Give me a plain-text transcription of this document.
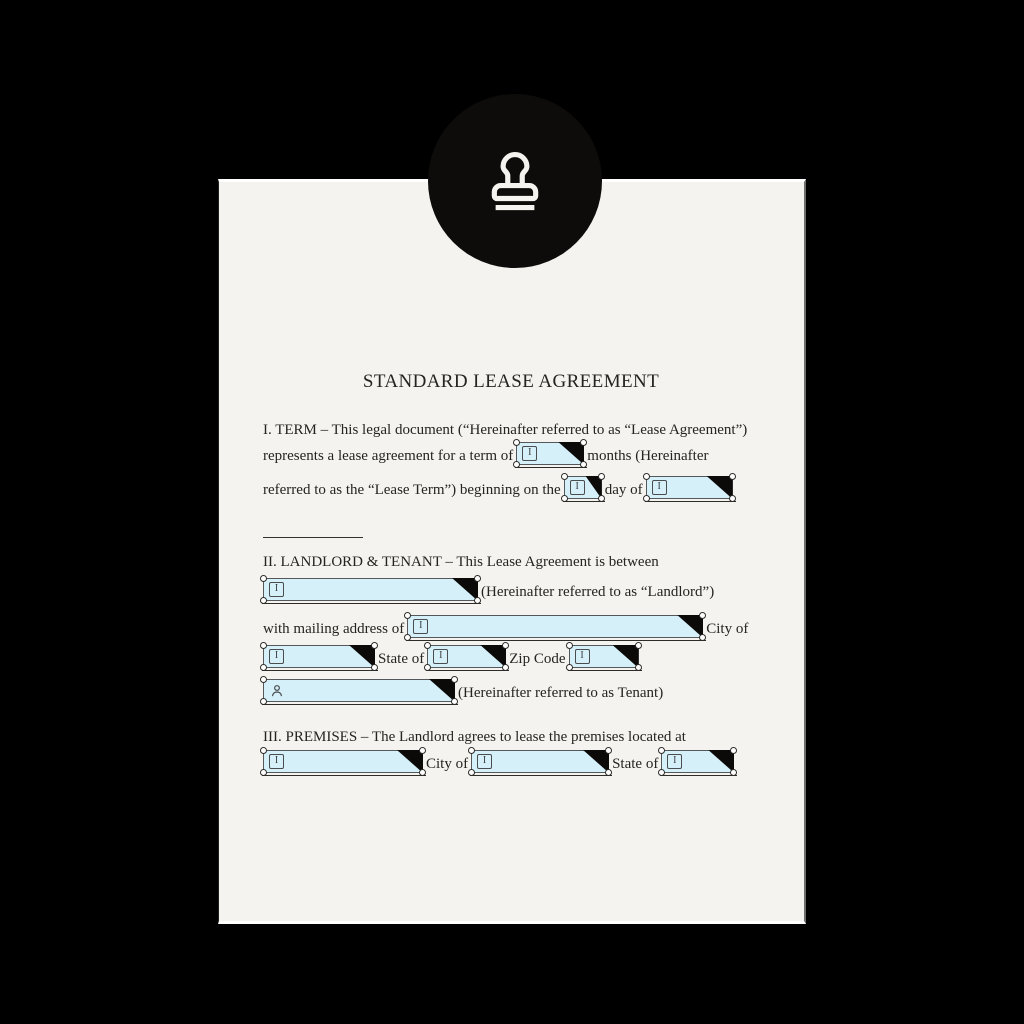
STANDARD LEASE AGREEMENT
I. TERM – This legal document (“Hereinafter referred to as “Lease Agreement”)
represents a lease agreement for a term of	I	months (Hereinafter
referred to as the “Lease Term”) beginning on the	I	day of	I
II. LANDLORD & TENANT – This Lease Agreement is between
I	(Hereinafter referred to as “Landlord”)
with mailing address of	I	City of
I	State of	I	Zip Code	I
(Hereinafter referred to as Tenant)
III. PREMISES – The Landlord agrees to lease the premises located at
I	City of	I	State of	I
